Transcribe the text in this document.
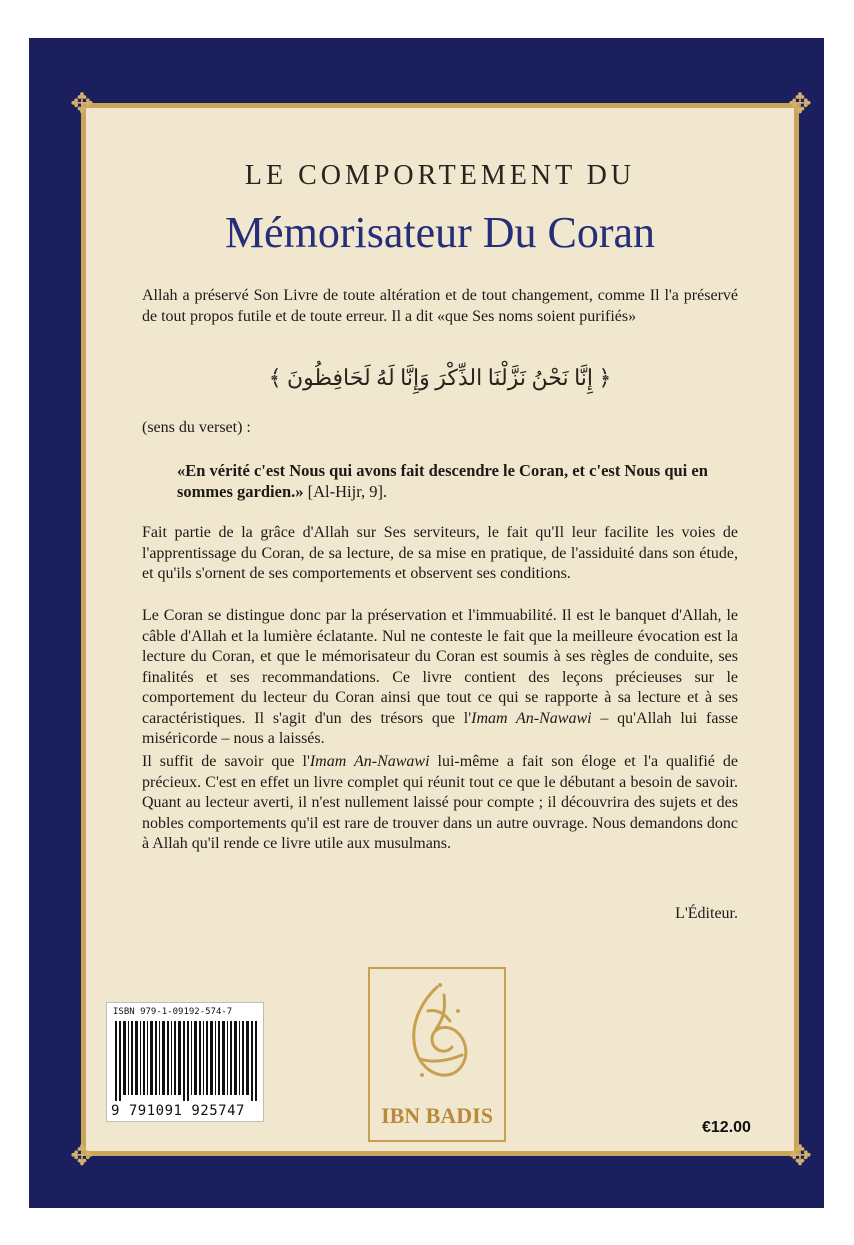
✥	✥
✥	✥
LE COMPORTEMENT DU
Mémorisateur Du Coran

Allah a préservé Son Livre de toute altération et de tout changement, comme Il l'a préservé de tout propos futile et de toute erreur. Il a dit «que Ses noms soient purifiés»

﴿ إِنَّا نَحْنُ نَزَّلْنَا الذِّكْرَ وَإِنَّا لَهُ لَحَافِظُونَ ﴾

(sens du verset) :

«En vérité c'est Nous qui avons fait descendre le Coran, et c'est Nous qui en sommes gardien.» [Al-Hijr, 9].

Fait partie de la grâce d'Allah sur Ses serviteurs, le fait qu'Il leur facilite les voies de l'apprentissage du Coran, de sa lecture, de sa mise en pratique, de l'assiduité dans son étude, et qu'ils s'ornent de ses comportements et observent ses conditions.

Le Coran se distingue donc par la préservation et l'immuabilité. Il est le banquet d'Allah, le câble d'Allah et la lumière éclatante. Nul ne conteste le fait que la meilleure évocation est la lecture du Coran, et que le mémorisateur du Coran est soumis à ses règles de conduite, ses finalités et ses recommandations. Ce livre contient des leçons précieuses sur le comportement du lecteur du Coran ainsi que tout ce qui se rapporte à sa lecture et à ses caractéristiques. Il s'agit d'un des trésors que l'Imam An-Nawawi – qu'Allah lui fasse miséricorde – nous a laissés.

Il suffit de savoir que l'Imam An-Nawawi lui-même a fait son éloge et l'a qualifié de précieux. C'est en effet un livre complet qui réunit tout ce que le débutant a besoin de savoir. Quant au lecteur averti, il n'est nullement laissé pour compte ; il découvrira des sujets et des nobles comportements qu'il est rare de trouver dans un autre ouvrage. Nous demandons donc à Allah qu'il rende ce livre utile aux musulmans.

L'Éditeur.
ISBN 979-1-09192-574-7
9 791091 925747	IBN BADIS	€12.00
